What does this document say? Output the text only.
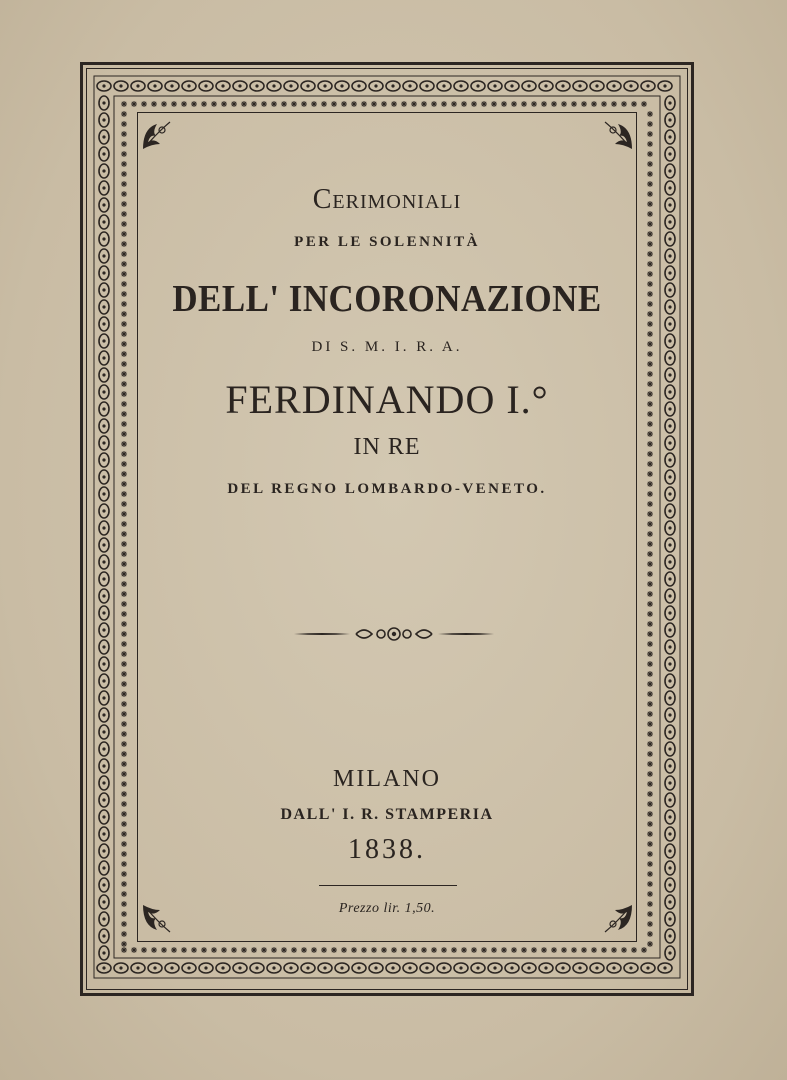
Cerimoniali
PER LE SOLENNITÀ
DELL' INCORONAZIONE
DI S. M. I. R. A.
FERDINANDO I.°
IN RE
DEL REGNO LOMBARDO-VENETO.
MILANO
DALL' I. R. STAMPERIA
1838.
Prezzo lir. 1,50.
